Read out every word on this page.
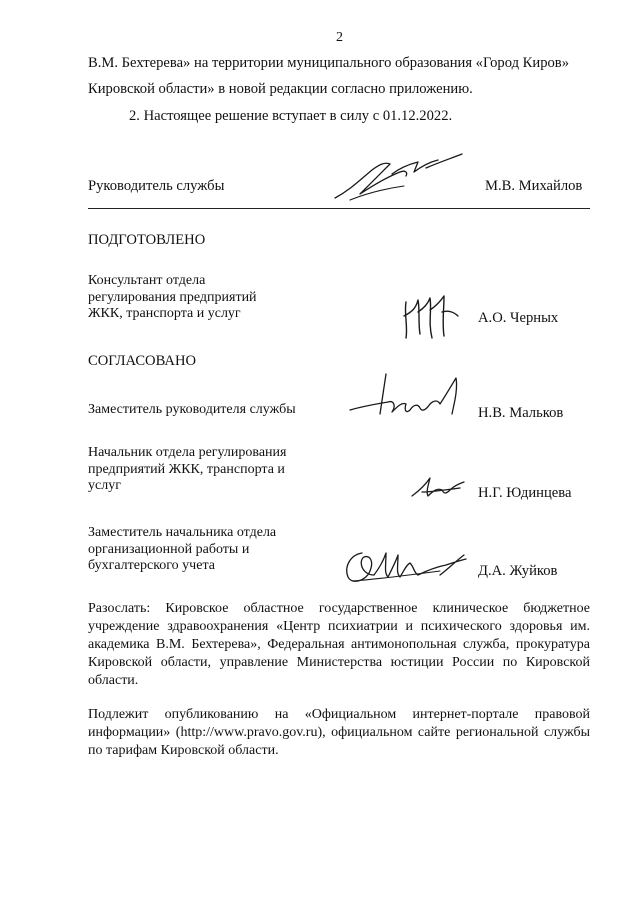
2
В.М. Бехтерева» на территории муниципального образования «Город Киров»
Кировской области» в новой редакции согласно приложению.
2. Настоящее решение вступает в силу с 01.12.2022.
Руководитель службы	М.В. Михайлов
ПОДГОТОВЛЕНО
Консультант отдела
регулирования предприятий
ЖКК, транспорта и услуг	А.О. Черных
СОГЛАСОВАНО
Заместитель руководителя службы	Н.В. Мальков
Начальник отдела регулирования
предприятий ЖКК, транспорта и
услуг	Н.Г. Юдинцева
Заместитель начальника отдела
организационной работы и
бухгалтерского учета	Д.А. Жуйков
Разослать: Кировское областное государственное клиническое бюджетное учреждение здравоохранения «Центр психиатрии и психического здоровья им. академика В.М. Бехтерева», Федеральная антимонопольная служба, прокуратура Кировской области, управление Министерства юстиции России по Кировской области.
Подлежит опубликованию на «Официальном интернет-портале правовой информации» (http://www.pravo.gov.ru), официальном сайте региональной службы по тарифам Кировской области.
